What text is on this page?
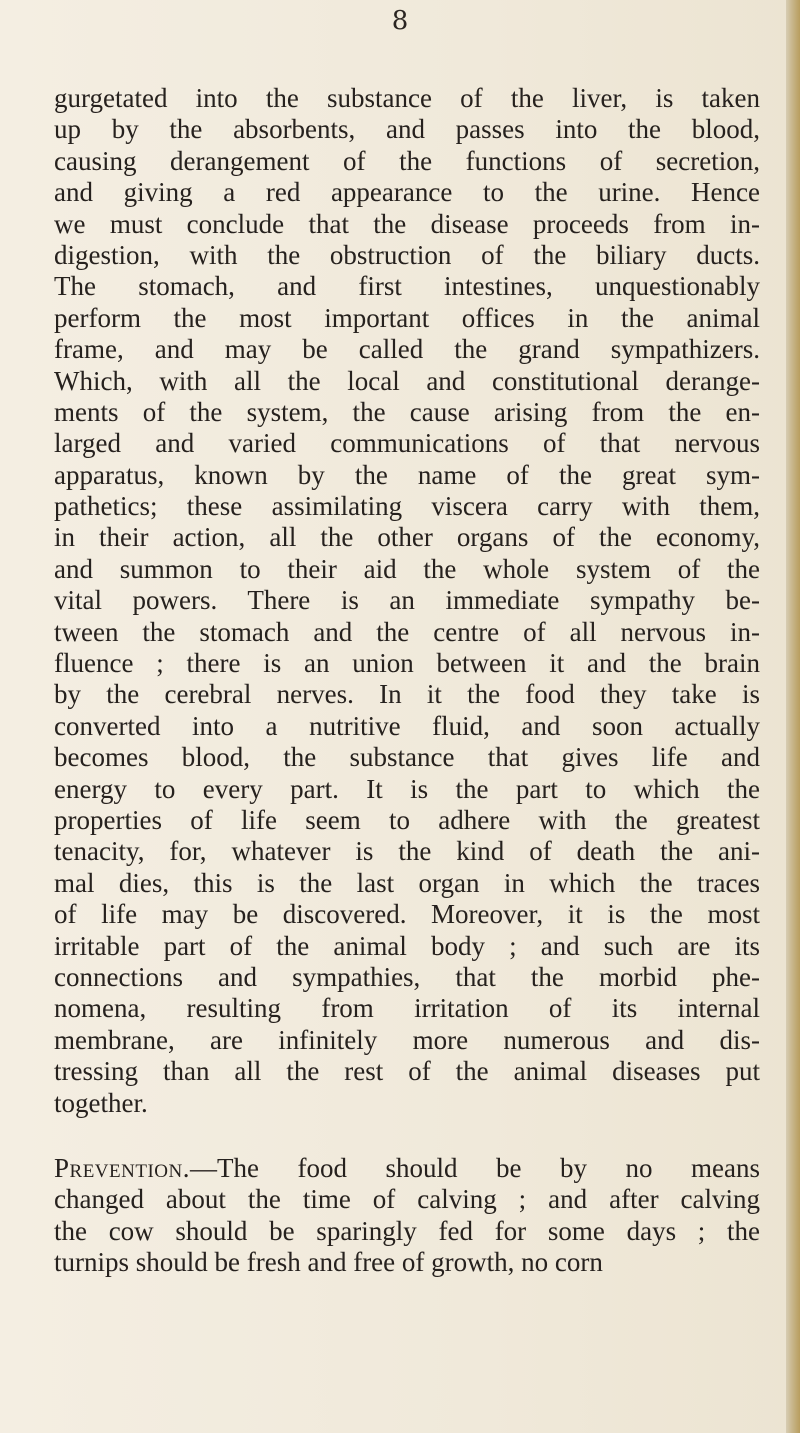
8
gurgetated into the substance of the liver, is taken
up by the absorbents, and passes into the blood,
causing derangement of the functions of secretion,
and giving a red appearance to the urine. Hence
we must conclude that the disease proceeds from in-
digestion, with the obstruction of the biliary ducts.
The stomach, and first intestines, unquestionably
perform the most important offices in the animal
frame, and may be called the grand sympathizers.
Which, with all the local and constitutional derange-
ments of the system, the cause arising from the en-
larged and varied communications of that nervous
apparatus, known by the name of the great sym-
pathetics; these assimilating viscera carry with them,
in their action, all the other organs of the economy,
and summon to their aid the whole system of the
vital powers. There is an immediate sympathy be-
tween the stomach and the centre of all nervous in-
fluence ; there is an union between it and the brain
by the cerebral nerves. In it the food they take is
converted into a nutritive fluid, and soon actually
becomes blood, the substance that gives life and
energy to every part. It is the part to which the
properties of life seem to adhere with the greatest
tenacity, for, whatever is the kind of death the ani-
mal dies, this is the last organ in which the traces
of life may be discovered. Moreover, it is the most
irritable part of the animal body ; and such are its
connections and sympathies, that the morbid phe-
nomena, resulting from irritation of its internal
membrane, are infinitely more numerous and dis-
tressing than all the rest of the animal diseases put
together.
Prevention.—The food should be by no means
changed about the time of calving ; and after calving
the cow should be sparingly fed for some days ; the
turnips should be fresh and free of growth, no corn
